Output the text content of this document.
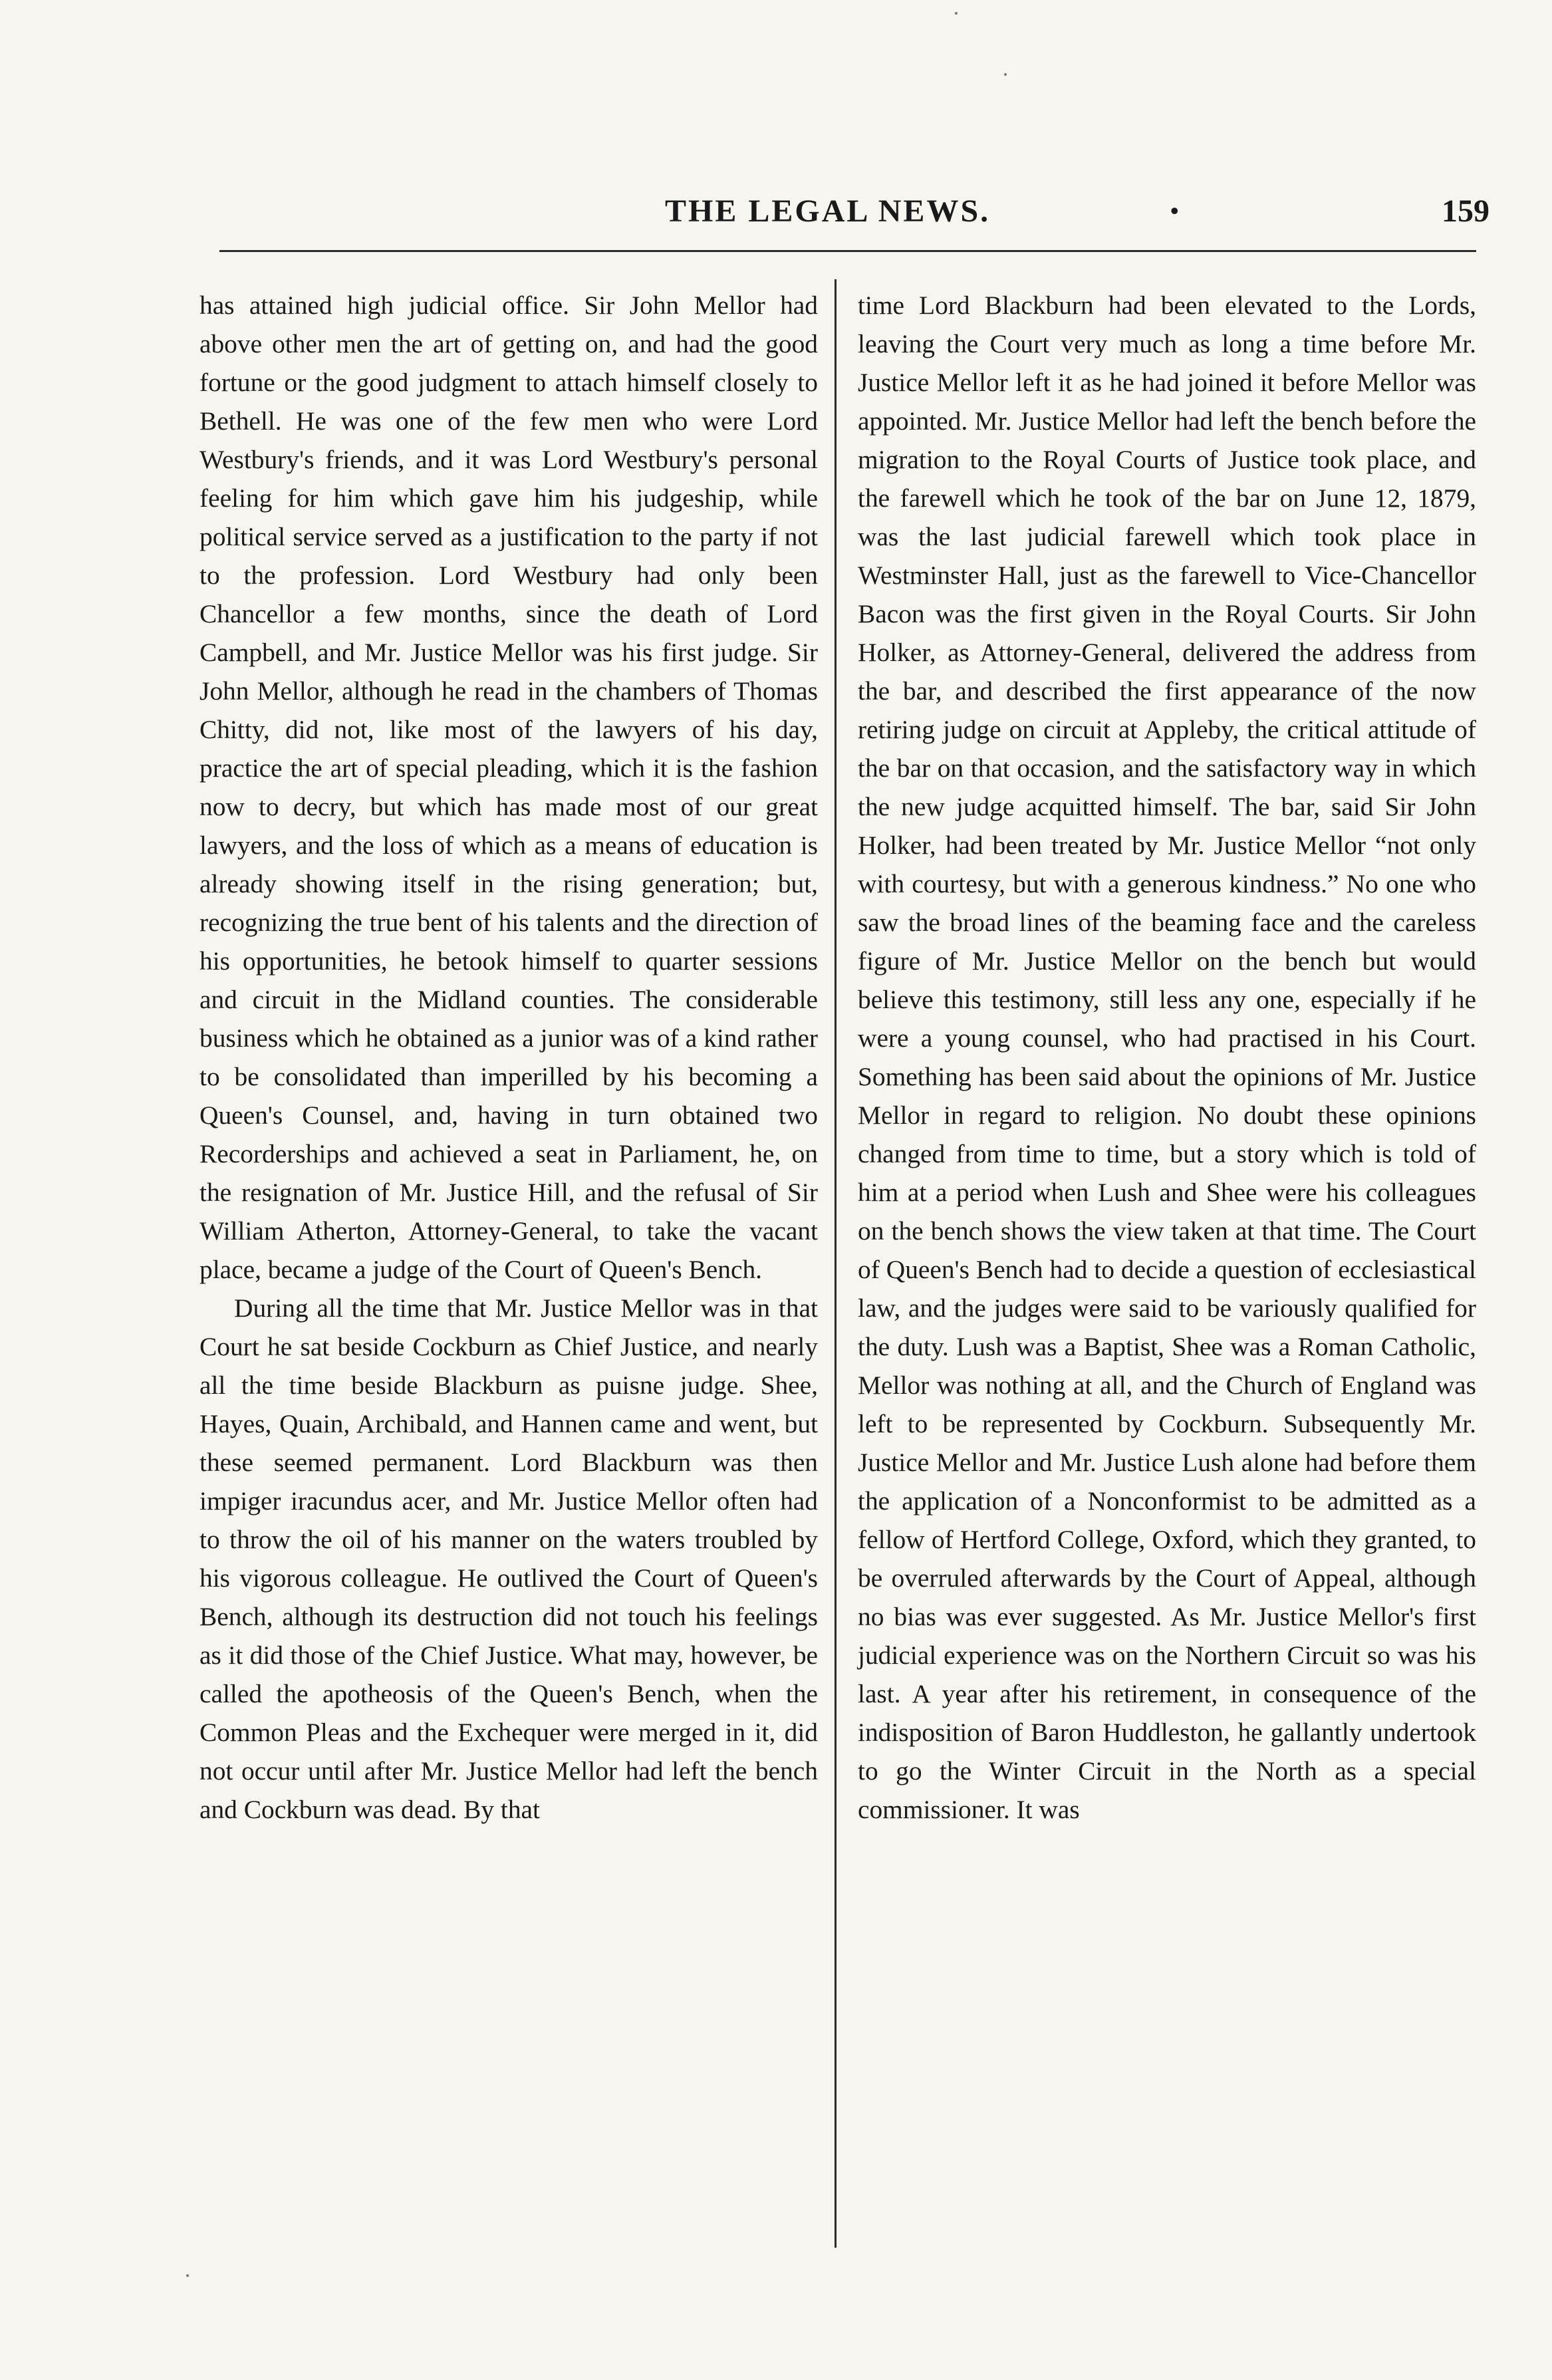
THE LEGAL NEWS.	•	159

has attained high judicial office. Sir John Mellor had above other men the art of getting on, and had the good fortune or the good judgment to attach himself closely to Bethell. He was one of the few men who were Lord Westbury's friends, and it was Lord Westbury's personal feeling for him which gave him his judgeship, while political service served as a justification to the party if not to the profession. Lord Westbury had only been Chancellor a few months, since the death of Lord Campbell, and Mr. Justice Mellor was his first judge. Sir John Mellor, although he read in the chambers of Thomas Chitty, did not, like most of the lawyers of his day, practice the art of special pleading, which it is the fashion now to decry, but which has made most of our great lawyers, and the loss of which as a means of education is already showing itself in the rising generation; but, recognizing the true bent of his talents and the direction of his opportunities, he betook himself to quarter sessions and circuit in the Midland counties. The considerable business which he obtained as a junior was of a kind rather to be consolidated than imperilled by his becoming a Queen's Counsel, and, having in turn obtained two Recorderships and achieved a seat in Parliament, he, on the resignation of Mr. Justice Hill, and the refusal of Sir William Atherton, Attorney-General, to take the vacant place, became a judge of the Court of Queen's Bench.

During all the time that Mr. Justice Mellor was in that Court he sat beside Cockburn as Chief Justice, and nearly all the time beside Blackburn as puisne judge. Shee, Hayes, Quain, Archibald, and Hannen came and went, but these seemed permanent. Lord Blackburn was then impiger iracundus acer, and Mr. Justice Mellor often had to throw the oil of his manner on the waters troubled by his vigorous colleague. He outlived the Court of Queen's Bench, although its destruction did not touch his feelings as it did those of the Chief Justice. What may, however, be called the apotheosis of the Queen's Bench, when the Common Pleas and the Exchequer were merged in it, did not occur until after Mr. Justice Mellor had left the bench and Cockburn was dead. By that

time Lord Blackburn had been elevated to the Lords, leaving the Court very much as long a time before Mr. Justice Mellor left it as he had joined it before Mellor was appointed. Mr. Justice Mellor had left the bench before the migration to the Royal Courts of Justice took place, and the farewell which he took of the bar on June 12, 1879, was the last judicial farewell which took place in Westminster Hall, just as the farewell to Vice-Chancellor Bacon was the first given in the Royal Courts. Sir John Holker, as Attorney-General, delivered the address from the bar, and described the first appearance of the now retiring judge on circuit at Appleby, the critical attitude of the bar on that occasion, and the satisfactory way in which the new judge acquitted himself. The bar, said Sir John Holker, had been treated by Mr. Justice Mellor “not only with courtesy, but with a generous kindness.” No one who saw the broad lines of the beaming face and the careless figure of Mr. Justice Mellor on the bench but would believe this testimony, still less any one, especially if he were a young counsel, who had practised in his Court. Something has been said about the opinions of Mr. Justice Mellor in regard to religion. No doubt these opinions changed from time to time, but a story which is told of him at a period when Lush and Shee were his colleagues on the bench shows the view taken at that time. The Court of Queen's Bench had to decide a question of ecclesiastical law, and the judges were said to be variously qualified for the duty. Lush was a Baptist, Shee was a Roman Catholic, Mellor was nothing at all, and the Church of England was left to be represented by Cockburn. Subsequently Mr. Justice Mellor and Mr. Justice Lush alone had before them the application of a Nonconformist to be admitted as a fellow of Hertford College, Oxford, which they granted, to be overruled afterwards by the Court of Appeal, although no bias was ever suggested. As Mr. Justice Mellor's first judicial experience was on the Northern Circuit so was his last. A year after his retirement, in consequence of the indisposition of Baron Huddleston, he gallantly undertook to go the Winter Circuit in the North as a special commissioner. It was
